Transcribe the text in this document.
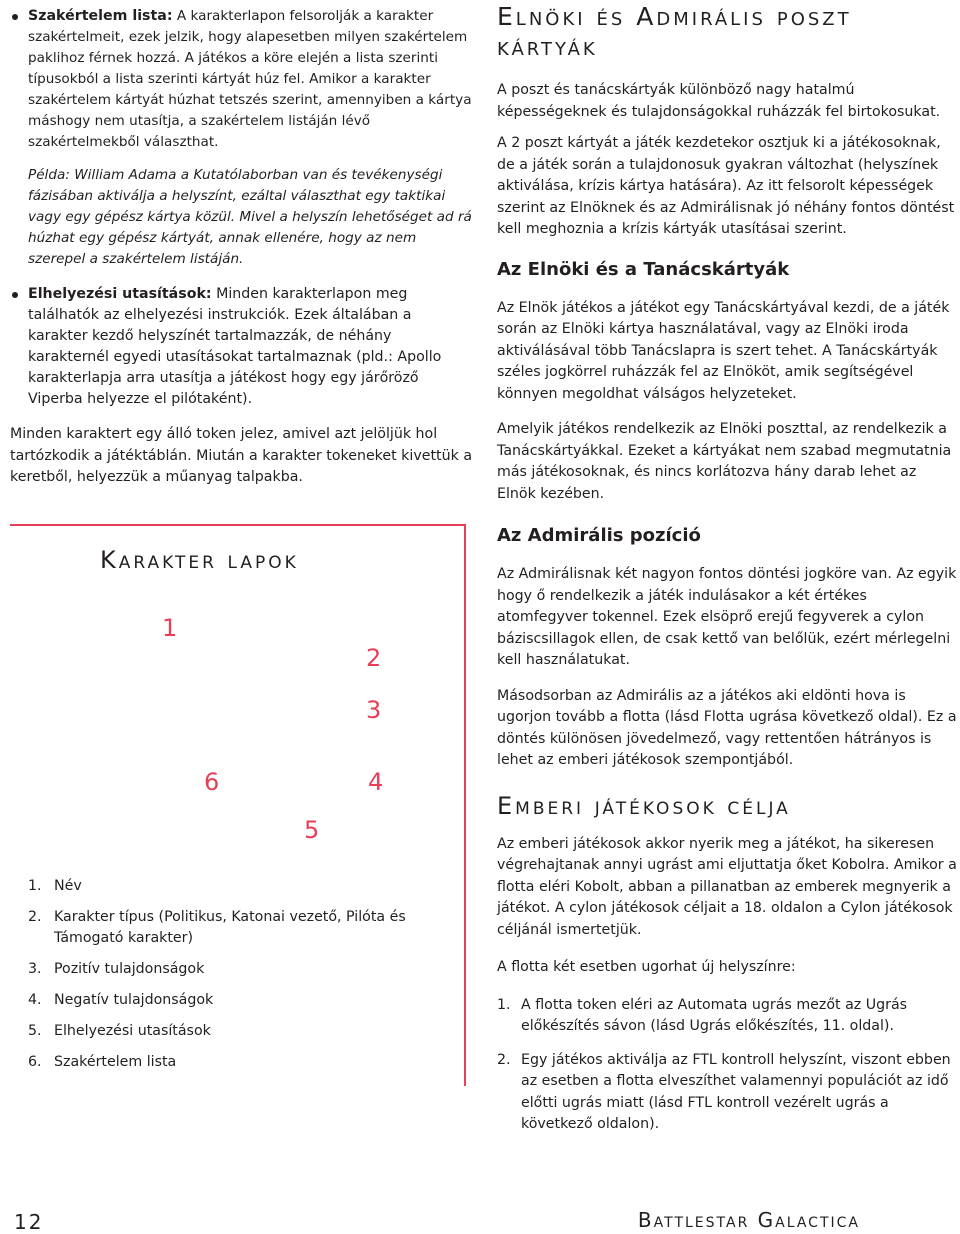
Szakértelem lista: A karakterlapon felsorolják a karakter szakértelmeit, ezek jelzik, hogy alapesetben milyen szakértelem paklihoz férnek hozzá. A játékos a köre elején a lista szerinti típusokból a lista szerinti kártyát húz fel. Amikor a karakter szakértelem kártyát húzhat tetszés szerint, amennyiben a kártya máshogy nem utasítja, a szakértelem listáján lévő szakértelmekből választhat.

Példa: William Adama a Kutatólaborban van és tevékenységi fázisában aktiválja a helyszínt, ezáltal választhat egy taktikai vagy egy gépész kártya közül. Mivel a helyszín lehetőséget ad rá húzhat egy gépész kártyát, annak ellenére, hogy az nem szerepel a szakértelem listáján.

Elhelyezési utasítások: Minden karakterlapon meg találhatók az elhelyezési instrukciók. Ezek általában a karakter kezdő helyszínét tartalmazzák, de néhány karakternél egyedi utasításokat tartalmaznak (pld.: Apollo karakterlapja arra utasítja a játékost hogy egy járőröző Viperba helyezze el pilótaként).

Minden karaktert egy álló token jelez, amivel azt jelöljük hol tartózkodik a játéktáblán. Miután a karakter tokeneket kivettük a keretből, helyezzük a műanyag talpakba.

Karakter lapok
1
2
3
4
5
6
1. Név
2. Karakter típus (Politikus, Katonai vezető, Pilóta és Támogató karakter)
3. Pozitív tulajdonságok
4. Negatív tulajdonságok
5. Elhelyezési utasítások
6. Szakértelem lista
Elnöki és Admirális poszt kártyák

A poszt és tanácskártyák különböző nagy hatalmú képességeknek és tulajdonságokkal ruházzák fel birtokosukat.

A 2 poszt kártyát a játék kezdetekor osztjuk ki a játékosoknak, de a játék során a tulajdonosuk gyakran változhat (helyszínek aktiválása, krízis kártya hatására). Az itt felsorolt képességek szerint az Elnöknek és az Admirálisnak jó néhány fontos döntést kell meghoznia a krízis kártyák utasításai szerint.

Az Elnöki és a Tanácskártyák

Az Elnök játékos a játékot egy Tanácskártyával kezdi, de a játék során az Elnöki kártya használatával, vagy az Elnöki iroda aktiválásával több Tanácslapra is szert tehet. A Tanácskártyák széles jogkörrel ruházzák fel az Elnököt, amik segítségével könnyen megoldhat válságos helyzeteket.

Amelyik játékos rendelkezik az Elnöki poszttal, az rendelkezik a Tanácskártyákkal. Ezeket a kártyákat nem szabad megmutatnia más játékosoknak, és nincs korlátozva hány darab lehet az Elnök kezében.

Az Admirális pozíció

Az Admirálisnak két nagyon fontos döntési jogköre van. Az egyik hogy ő rendelkezik a játék indulásakor a két értékes atomfegyver tokennel. Ezek elsöprő erejű fegyverek a cylon báziscsillagok ellen, de csak kettő van belőlük, ezért mérlegelni kell használatukat.

Másodsorban az Admirális az a játékos aki eldönti hova is ugorjon tovább a flotta (lásd Flotta ugrása következő oldal). Ez a döntés különösen jövedelmező, vagy rettentően hátrányos is lehet az emberi játékosok szempontjából.

Emberi játékosok célja

Az emberi játékosok akkor nyerik meg a játékot, ha sikeresen végrehajtanak annyi ugrást ami eljuttatja őket Kobolra. Amikor a flotta eléri Kobolt, abban a pillanatban az emberek megnyerik a játékot. A cylon játékosok céljait a 18. oldalon a Cylon játékosok céljánál ismertetjük.

A flotta két esetben ugorhat új helyszínre:

1. A flotta token eléri az Automata ugrás mezőt az Ugrás előkészítés sávon (lásd Ugrás előkészítés, 11. oldal).
2. Egy játékos aktiválja az FTL kontroll helyszínt, viszont ebben az esetben a flotta elveszíthet valamennyi populációt az idő előtti ugrás miatt (lásd FTL kontroll vezérelt ugrás a következő oldalon).
12	Battlestar Galactica
